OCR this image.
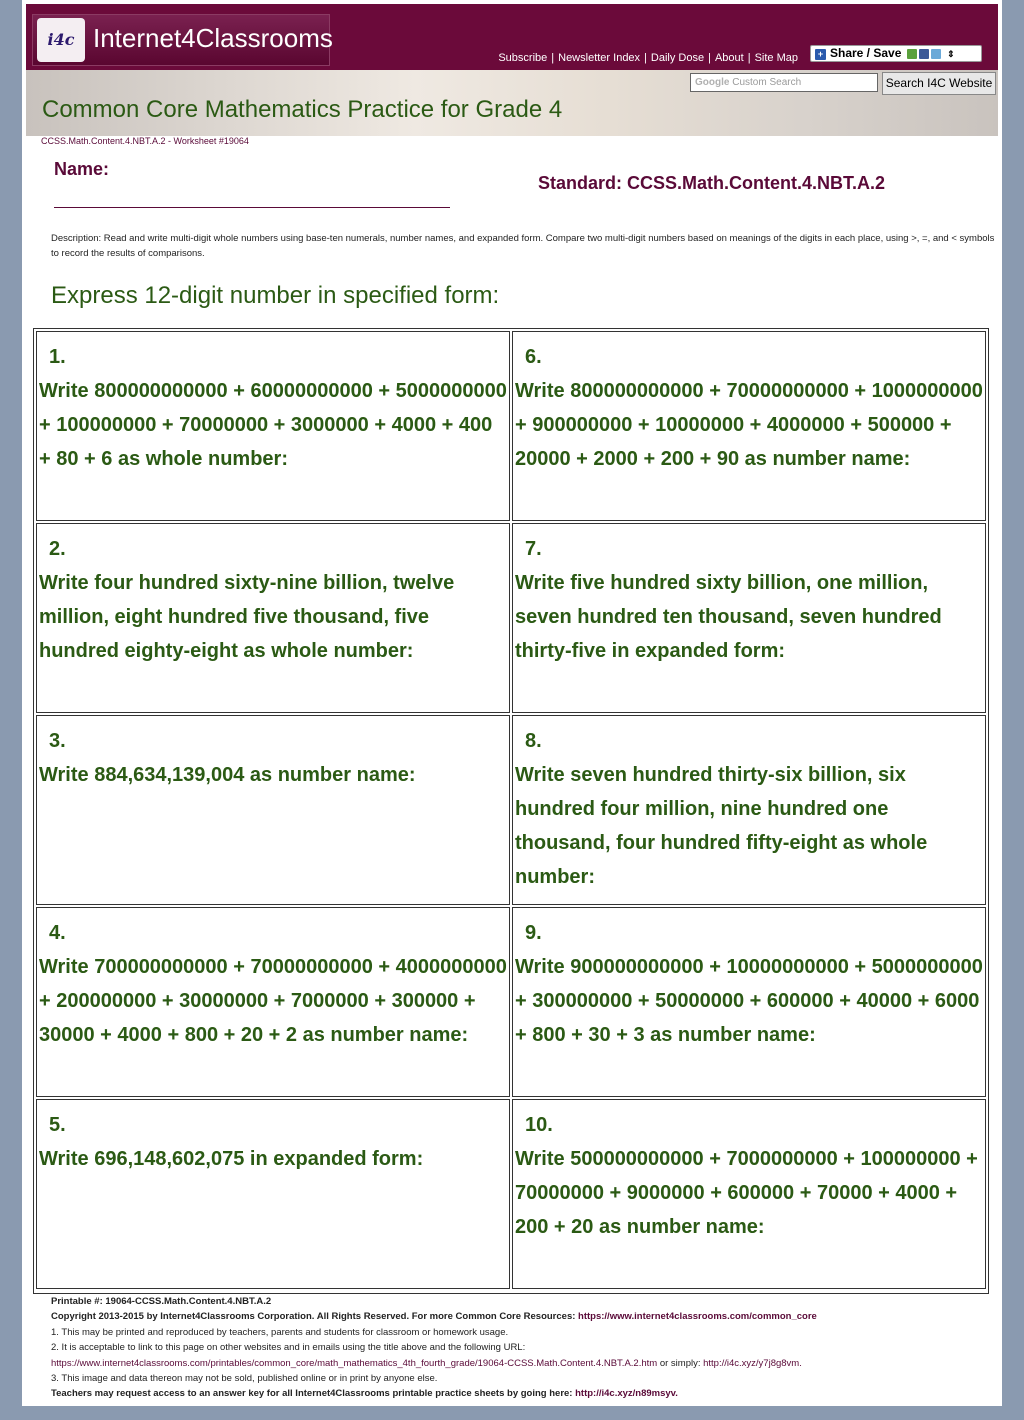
i4c Internet4Classrooms
Subscribe | Newsletter Index | Daily Dose | About | Site Map	+ Share / Save	⇕
Google Custom Search	Search I4C Website
Common Core Mathematics Practice for Grade 4
CCSS.Math.Content.4.NBT.A.2 - Worksheet #19064
Name:
Standard: CCSS.Math.Content.4.NBT.A.2
Description: Read and write multi-digit whole numbers using base-ten numerals, number names, and expanded form. Compare two multi-digit numbers based on meanings of the digits in each place, using >, =, and < symbols to record the results of comparisons.
Express 12-digit number in specified form:
1.
Write 800000000000 + 60000000000 + 5000000000 + 100000000 + 70000000 + 3000000 + 4000 + 400 + 80 + 6 as whole number:
6.
Write 800000000000 + 70000000000 + 1000000000 + 900000000 + 10000000 + 4000000 + 500000 + 20000 + 2000 + 200 + 90 as number name:
2.
Write four hundred sixty-nine billion, twelve million, eight hundred five thousand, five hundred eighty-eight as whole number:
7.
Write five hundred sixty billion, one million, seven hundred ten thousand, seven hundred thirty-five in expanded form:
3.
Write 884,634,139,004 as number name:
8.
Write seven hundred thirty-six billion, six hundred four million, nine hundred one thousand, four hundred fifty-eight as whole number:
4.
Write 700000000000 + 70000000000 + 4000000000 + 200000000 + 30000000 + 7000000 + 300000 + 30000 + 4000 + 800 + 20 + 2 as number name:
9.
Write 900000000000 + 10000000000 + 5000000000 + 300000000 + 50000000 + 600000 + 40000 + 6000 + 800 + 30 + 3 as number name:
5.
Write 696,148,602,075 in expanded form:
10.
Write 500000000000 + 7000000000 + 100000000 + 70000000 + 9000000 + 600000 + 70000 + 4000 + 200 + 20 as number name:
Printable #: 19064-CCSS.Math.Content.4.NBT.A.2
Copyright 2013-2015 by Internet4Classrooms Corporation. All Rights Reserved. For more Common Core Resources: https://www.internet4classrooms.com/common_core
1. This may be printed and reproduced by teachers, parents and students for classroom or homework usage.
2. It is acceptable to link to this page on other websites and in emails using the title above and the following URL:
https://www.internet4classrooms.com/printables/common_core/math_mathematics_4th_fourth_grade/19064-CCSS.Math.Content.4.NBT.A.2.htm or simply: http://i4c.xyz/y7j8g8vm.
3. This image and data thereon may not be sold, published online or in print by anyone else.
Teachers may request access to an answer key for all Internet4Classrooms printable practice sheets by going here: http://i4c.xyz/n89msyv.
